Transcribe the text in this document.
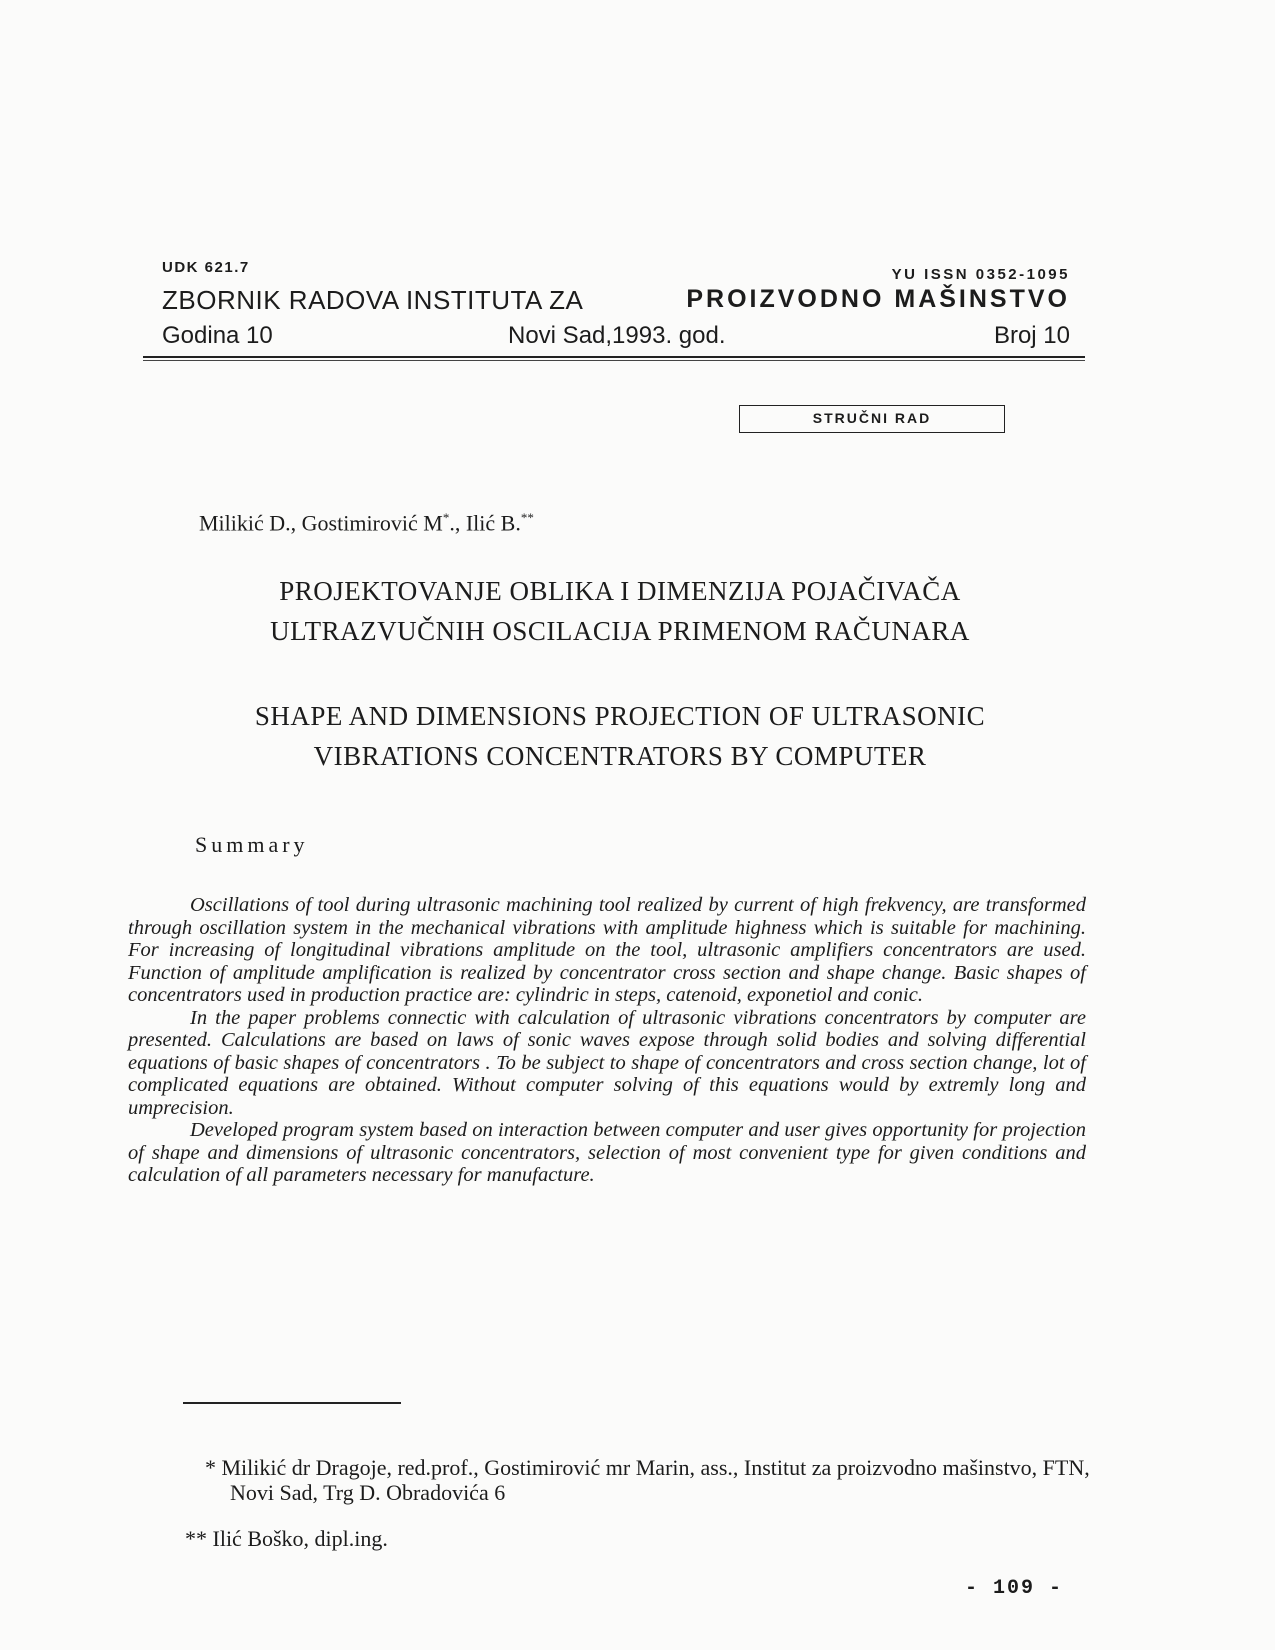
UDK 621.7	YU ISSN 0352-1095
ZBORNIK RADOVA INSTITUTA ZA	PROIZVODNO MAŠINSTVO
Godina 10	Novi Sad,1993. god.	Broj 10
STRUČNI RAD
Milikić D., Gostimirović M*., Ilić B.**
PROJEKTOVANJE OBLIKA I DIMENZIJA POJAČIVAČA
ULTRAZVUČNIH OSCILACIJA PRIMENOM RAČUNARA
SHAPE AND DIMENSIONS PROJECTION OF ULTRASONIC
VIBRATIONS CONCENTRATORS BY COMPUTER
Summary

Oscillations of tool during ultrasonic machining tool realized by current of high frekvency, are transformed through oscillation system in the mechanical vibrations with amplitude highness which is suitable for machining. For increasing of longitudinal vibrations amplitude on the tool, ultrasonic amplifiers concentrators are used. Function of amplitude amplification is realized by concentrator cross section and shape change. Basic shapes of concentrators used in production practice are: cylindric in steps, catenoid, exponetiol and conic.

In the paper problems connectic with calculation of ultrasonic vibrations concentrators by computer are presented. Calculations are based on laws of sonic waves expose through solid bodies and solving differential equations of basic shapes of concentrators . To be subject to shape of concentrators and cross section change, lot of complicated equations are obtained. Without computer solving of this equations would by extremly long and umprecision.

Developed program system based on interaction between computer and user gives opportunity for projection of shape and dimensions of ultrasonic concentrators, selection of most convenient type for given conditions and calculation of all parameters necessary for manufacture.

* Milikić dr Dragoje, red.prof., Gostimirović mr Marin, ass., Institut za proizvodno mašinstvo, FTN, Novi Sad, Trg D. Obradovića 6
** Ilić Boško, dipl.ing.
- 109 -
